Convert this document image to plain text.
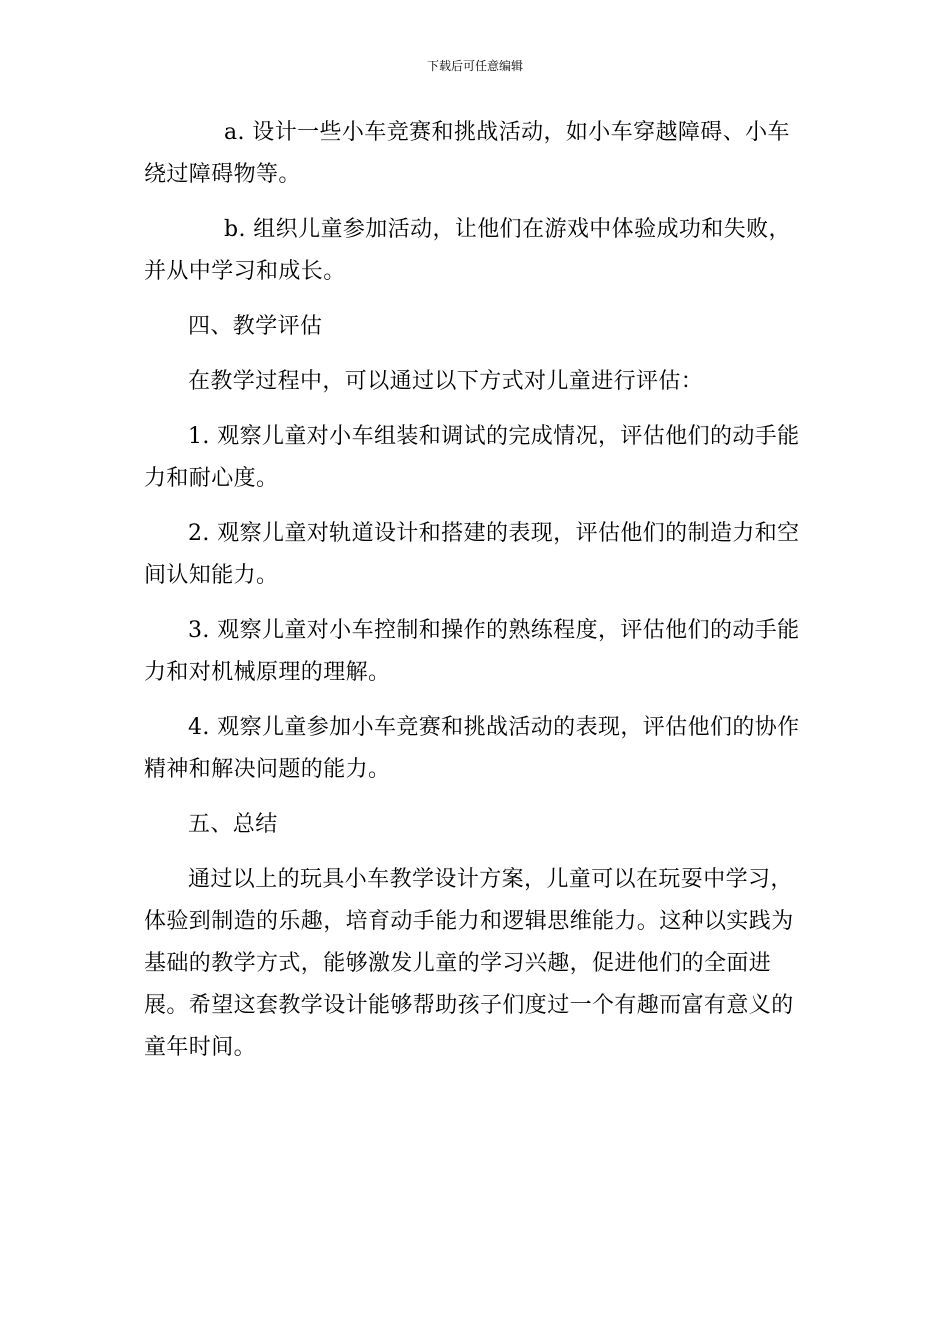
下载后可任意编辑

a. 设计一些小车竞赛和挑战活动，如小车穿越障碍、小车绕过障碍物等。

b. 组织儿童参加活动，让他们在游戏中体验成功和失败，并从中学习和成长。

四、教学评估

在教学过程中，可以通过以下方式对儿童进行评估：

1. 观察儿童对小车组装和调试的完成情况，评估他们的动手能力和耐心度。

2. 观察儿童对轨道设计和搭建的表现，评估他们的制造力和空间认知能力。

3. 观察儿童对小车控制和操作的熟练程度，评估他们的动手能力和对机械原理的理解。

4. 观察儿童参加小车竞赛和挑战活动的表现，评估他们的协作精神和解决问题的能力。

五、总结

通过以上的玩具小车教学设计方案，儿童可以在玩耍中学习，体验到制造的乐趣，培育动手能力和逻辑思维能力。这种以实践为基础的教学方式，能够激发儿童的学习兴趣，促进他们的全面进展。希望这套教学设计能够帮助孩子们度过一个有趣而富有意义的童年时间。
